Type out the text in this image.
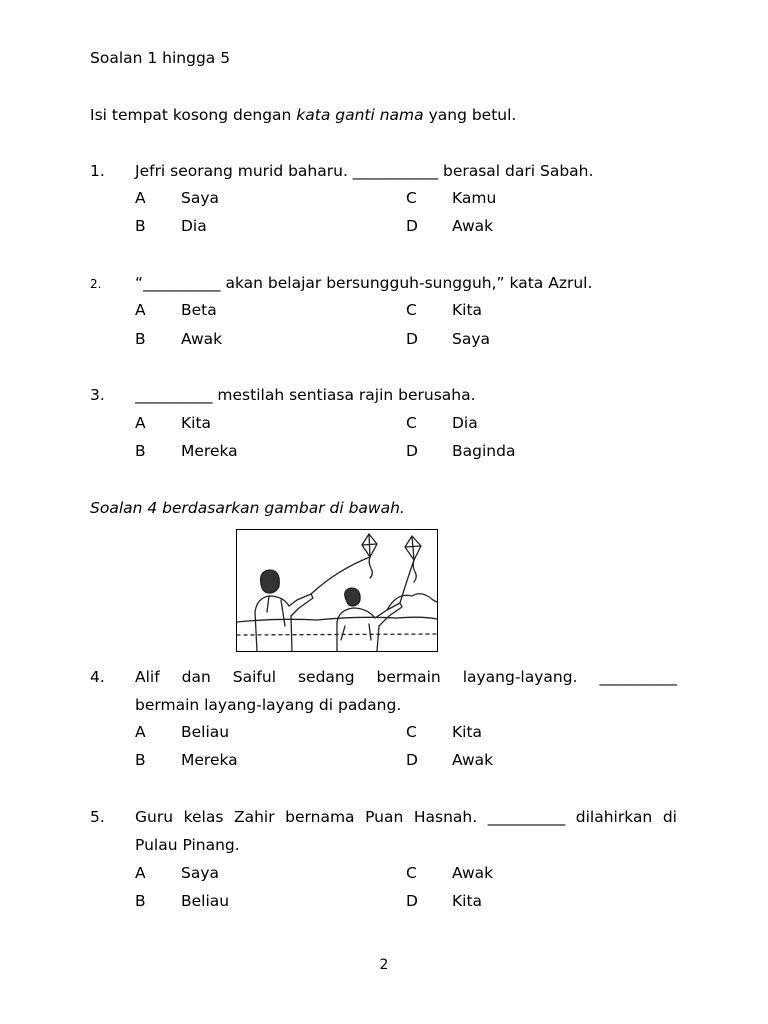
Soalan 1 hingga 5
Isi tempat kosong dengan kata ganti nama yang betul.
1. Jefri seorang murid baharu. ___________ berasal dari Sabah.
A Saya	C Kamu
B Dia	D Awak
2. “__________ akan belajar bersungguh-sungguh,” kata Azrul.
A Beta	C Kita
B Awak	D Saya
3. __________ mestilah sentiasa rajin berusaha.
A Kita	C Dia
B Mereka	D Baginda
Soalan 4 berdasarkan gambar di bawah.
4. Alif dan Saiful sedang bermain layang-layang. __________
bermain layang-layang di padang.
A Beliau	C Kita
B Mereka	D Awak
5. Guru kelas Zahir bernama Puan Hasnah. __________ dilahirkan di
Pulau Pinang.
A Saya	C Awak
B Beliau	D Kita
2
